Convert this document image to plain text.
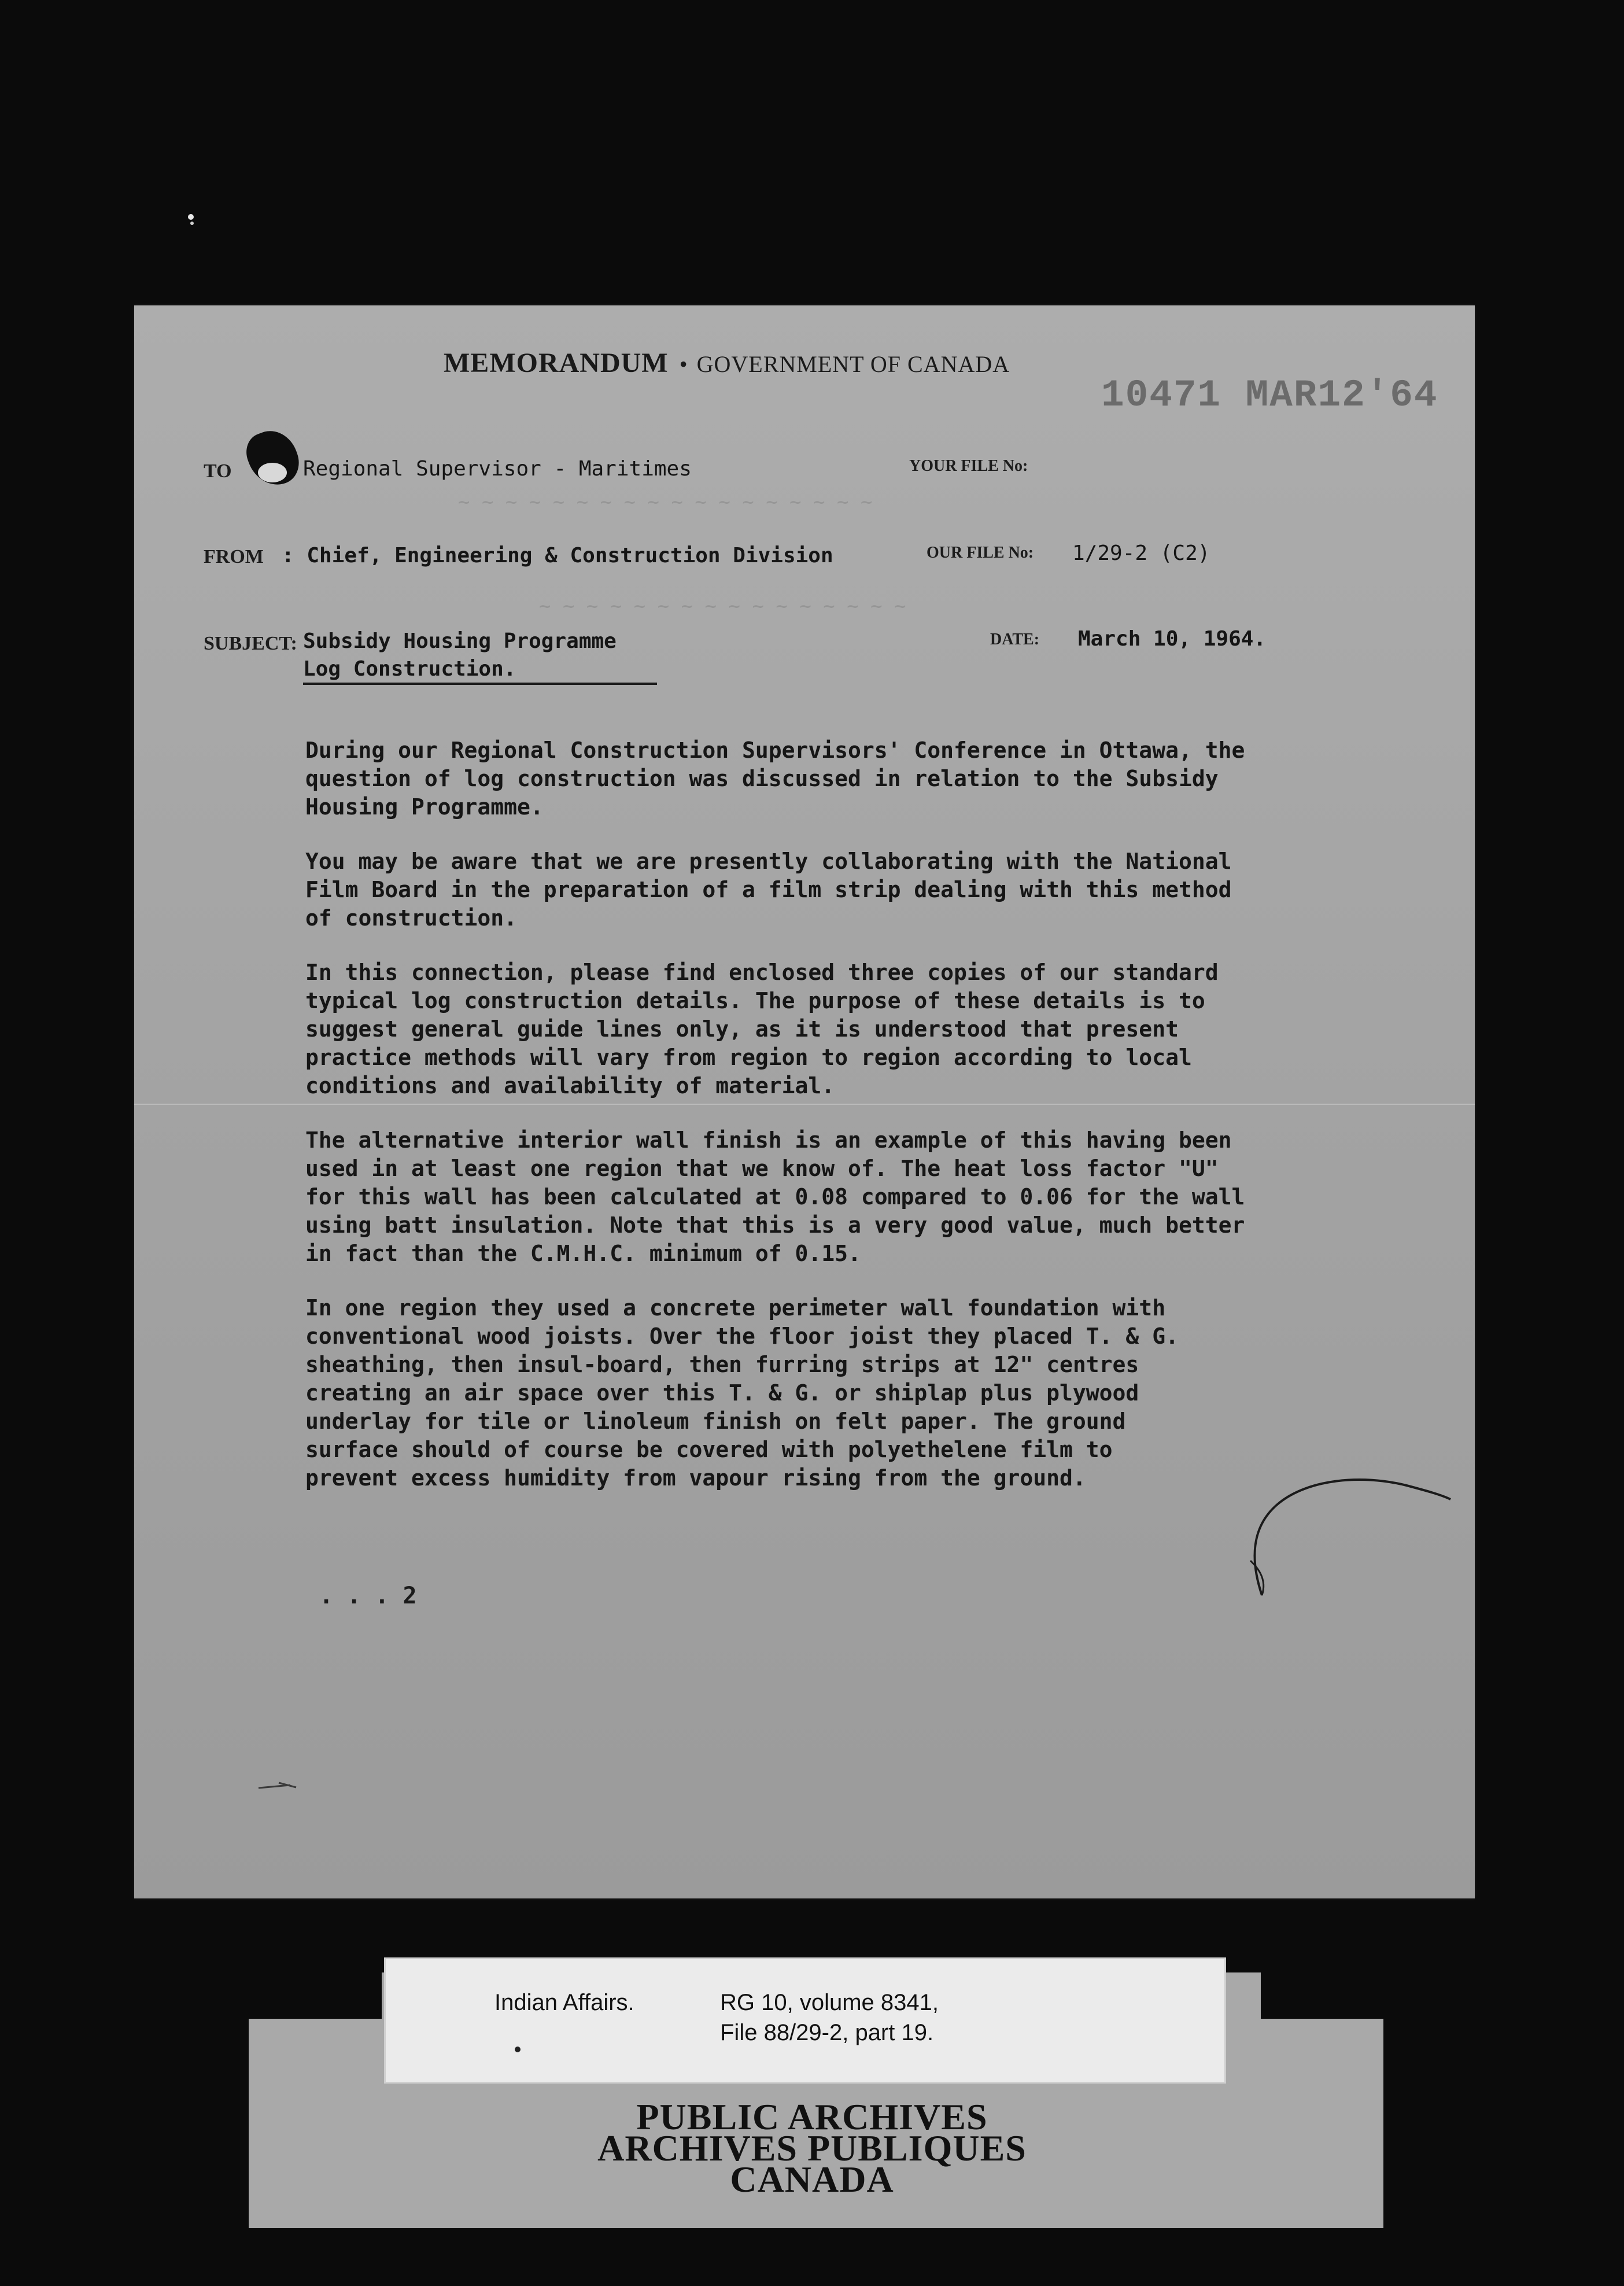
MEMORANDUM • GOVERNMENT OF CANADA
10471 MAR12'64
~ ~ ~ ~ ~ ~ ~ ~ ~ ~ ~ ~ ~ ~ ~ ~ ~ ~
~ ~ ~ ~ ~ ~ ~ ~ ~ ~ ~ ~ ~ ~ ~ ~
TO	Regional Supervisor - Maritimes	YOUR FILE No:
FROM : Chief, Engineering & Construction Division	OUR FILE No: 1/29-2 (C2)
SUBJECT: Subsidy Housing Programme
Log Construction.
DATE: March 10, 1964.

During our Regional Construction Supervisors' Conference in Ottawa, the
question of log construction was discussed in relation to the Subsidy
Housing Programme.

You may be aware that we are presently collaborating with the National
Film Board in the preparation of a film strip dealing with this method
of construction.

In this connection, please find enclosed three copies of our standard
typical log construction details. The purpose of these details is to
suggest general guide lines only, as it is understood that present
practice methods will vary from region to region according to local
conditions and availability of material.

The alternative interior wall finish is an example of this having been
used in at least one region that we know of. The heat loss factor "U"
for this wall has been calculated at 0.08 compared to 0.06 for the wall
using batt insulation. Note that this is a very good value, much better
in fact than the C.M.H.C. minimum of 0.15.

In one region they used a concrete perimeter wall foundation with
conventional wood joists. Over the floor joist they placed T. & G.
sheathing, then insul-board, then furring strips at 12" centres
creating an air space over this T. & G. or shiplap plus plywood
underlay for tile or linoleum finish on felt paper. The ground
surface should of course be covered with polyethelene film to
prevent excess humidity from vapour rising from the ground.

. . . 2
Indian Affairs.	RG 10, volume 8341,
File 88/29-2, part 19.
PUBLIC ARCHIVES
ARCHIVES PUBLIQUES
CANADA
